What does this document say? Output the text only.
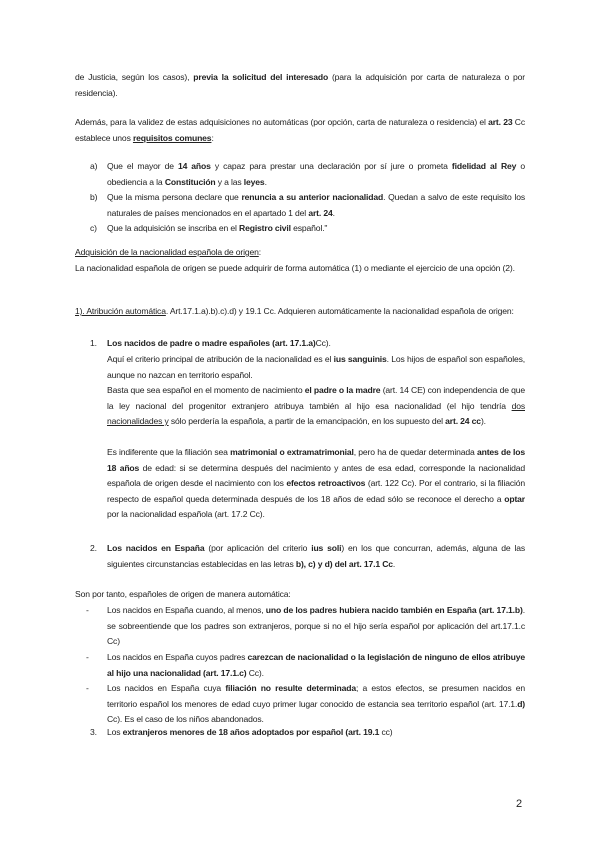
de Justicia, según los casos), previa la solicitud del interesado (para la adquisición por carta de naturaleza o por residencia).
Además, para la validez de estas adquisiciones no automáticas (por opción, carta de naturaleza o residencia) el art. 23 Cc establece unos requisitos comunes:
a) Que el mayor de 14 años y capaz para prestar una declaración por sí jure o prometa fidelidad al Rey o obediencia a la Constitución y a las leyes.
b) Que la misma persona declare que renuncia a su anterior nacionalidad. Quedan a salvo de este requisito los naturales de países mencionados en el apartado 1 del art. 24.
c) Que la adquisición se inscriba en el Registro civil español."
Adquisición de la nacionalidad española de origen:
La nacionalidad española de origen se puede adquirir de forma automática (1) o mediante el ejercicio de una opción (2).
1). Atribución automática. Art.17.1.a).b).c).d) y 19.1 Cc. Adquieren automáticamente la nacionalidad española de origen:
1. Los nacidos de padre o madre españoles (art. 17.1.a)Cc).
Aquí el criterio principal de atribución de la nacionalidad es el ius sanguinis. Los hijos de español son españoles, aunque no nazcan en territorio español.
Basta que sea español en el momento de nacimiento el padre o la madre (art. 14 CE) con independencia de que la ley nacional del progenitor extranjero atribuya también al hijo esa nacionalidad (el hijo tendría dos nacionalidades y sólo perdería la española, a partir de la emancipación, en los supuesto del art. 24 cc).
Es indiferente que la filiación sea matrimonial o extramatrimonial, pero ha de quedar determinada antes de los 18 años de edad: si se determina después del nacimiento y antes de esa edad, corresponde la nacionalidad española de origen desde el nacimiento con los efectos retroactivos (art. 122 Cc). Por el contrario, si la filiación respecto de español queda determinada después de los 18 años de edad sólo se reconoce el derecho a optar por la nacionalidad española (art. 17.2 Cc).
2. Los nacidos en España (por aplicación del criterio ius soli) en los que concurran, además, alguna de las siguientes circunstancias establecidas en las letras b), c) y d) del art. 17.1 Cc.
Son por tanto, españoles de origen de manera automática:
- Los nacidos en España cuando, al menos, uno de los padres hubiera nacido también en España (art. 17.1.b). se sobreentiende que los padres son extranjeros, porque si no el hijo sería español por aplicación del art.17.1.c Cc)
- Los nacidos en España cuyos padres carezcan de nacionalidad o la legislación de ninguno de ellos atribuye al hijo una nacionalidad (art. 17.1.c) Cc).
- Los nacidos en España cuya filiación no resulte determinada; a estos efectos, se presumen nacidos en territorio español los menores de edad cuyo primer lugar conocido de estancia sea territorio español (art. 17.1.d) Cc). Es el caso de los niños abandonados.
3. Los extranjeros menores de 18 años adoptados por español (art. 19.1 cc)
2
